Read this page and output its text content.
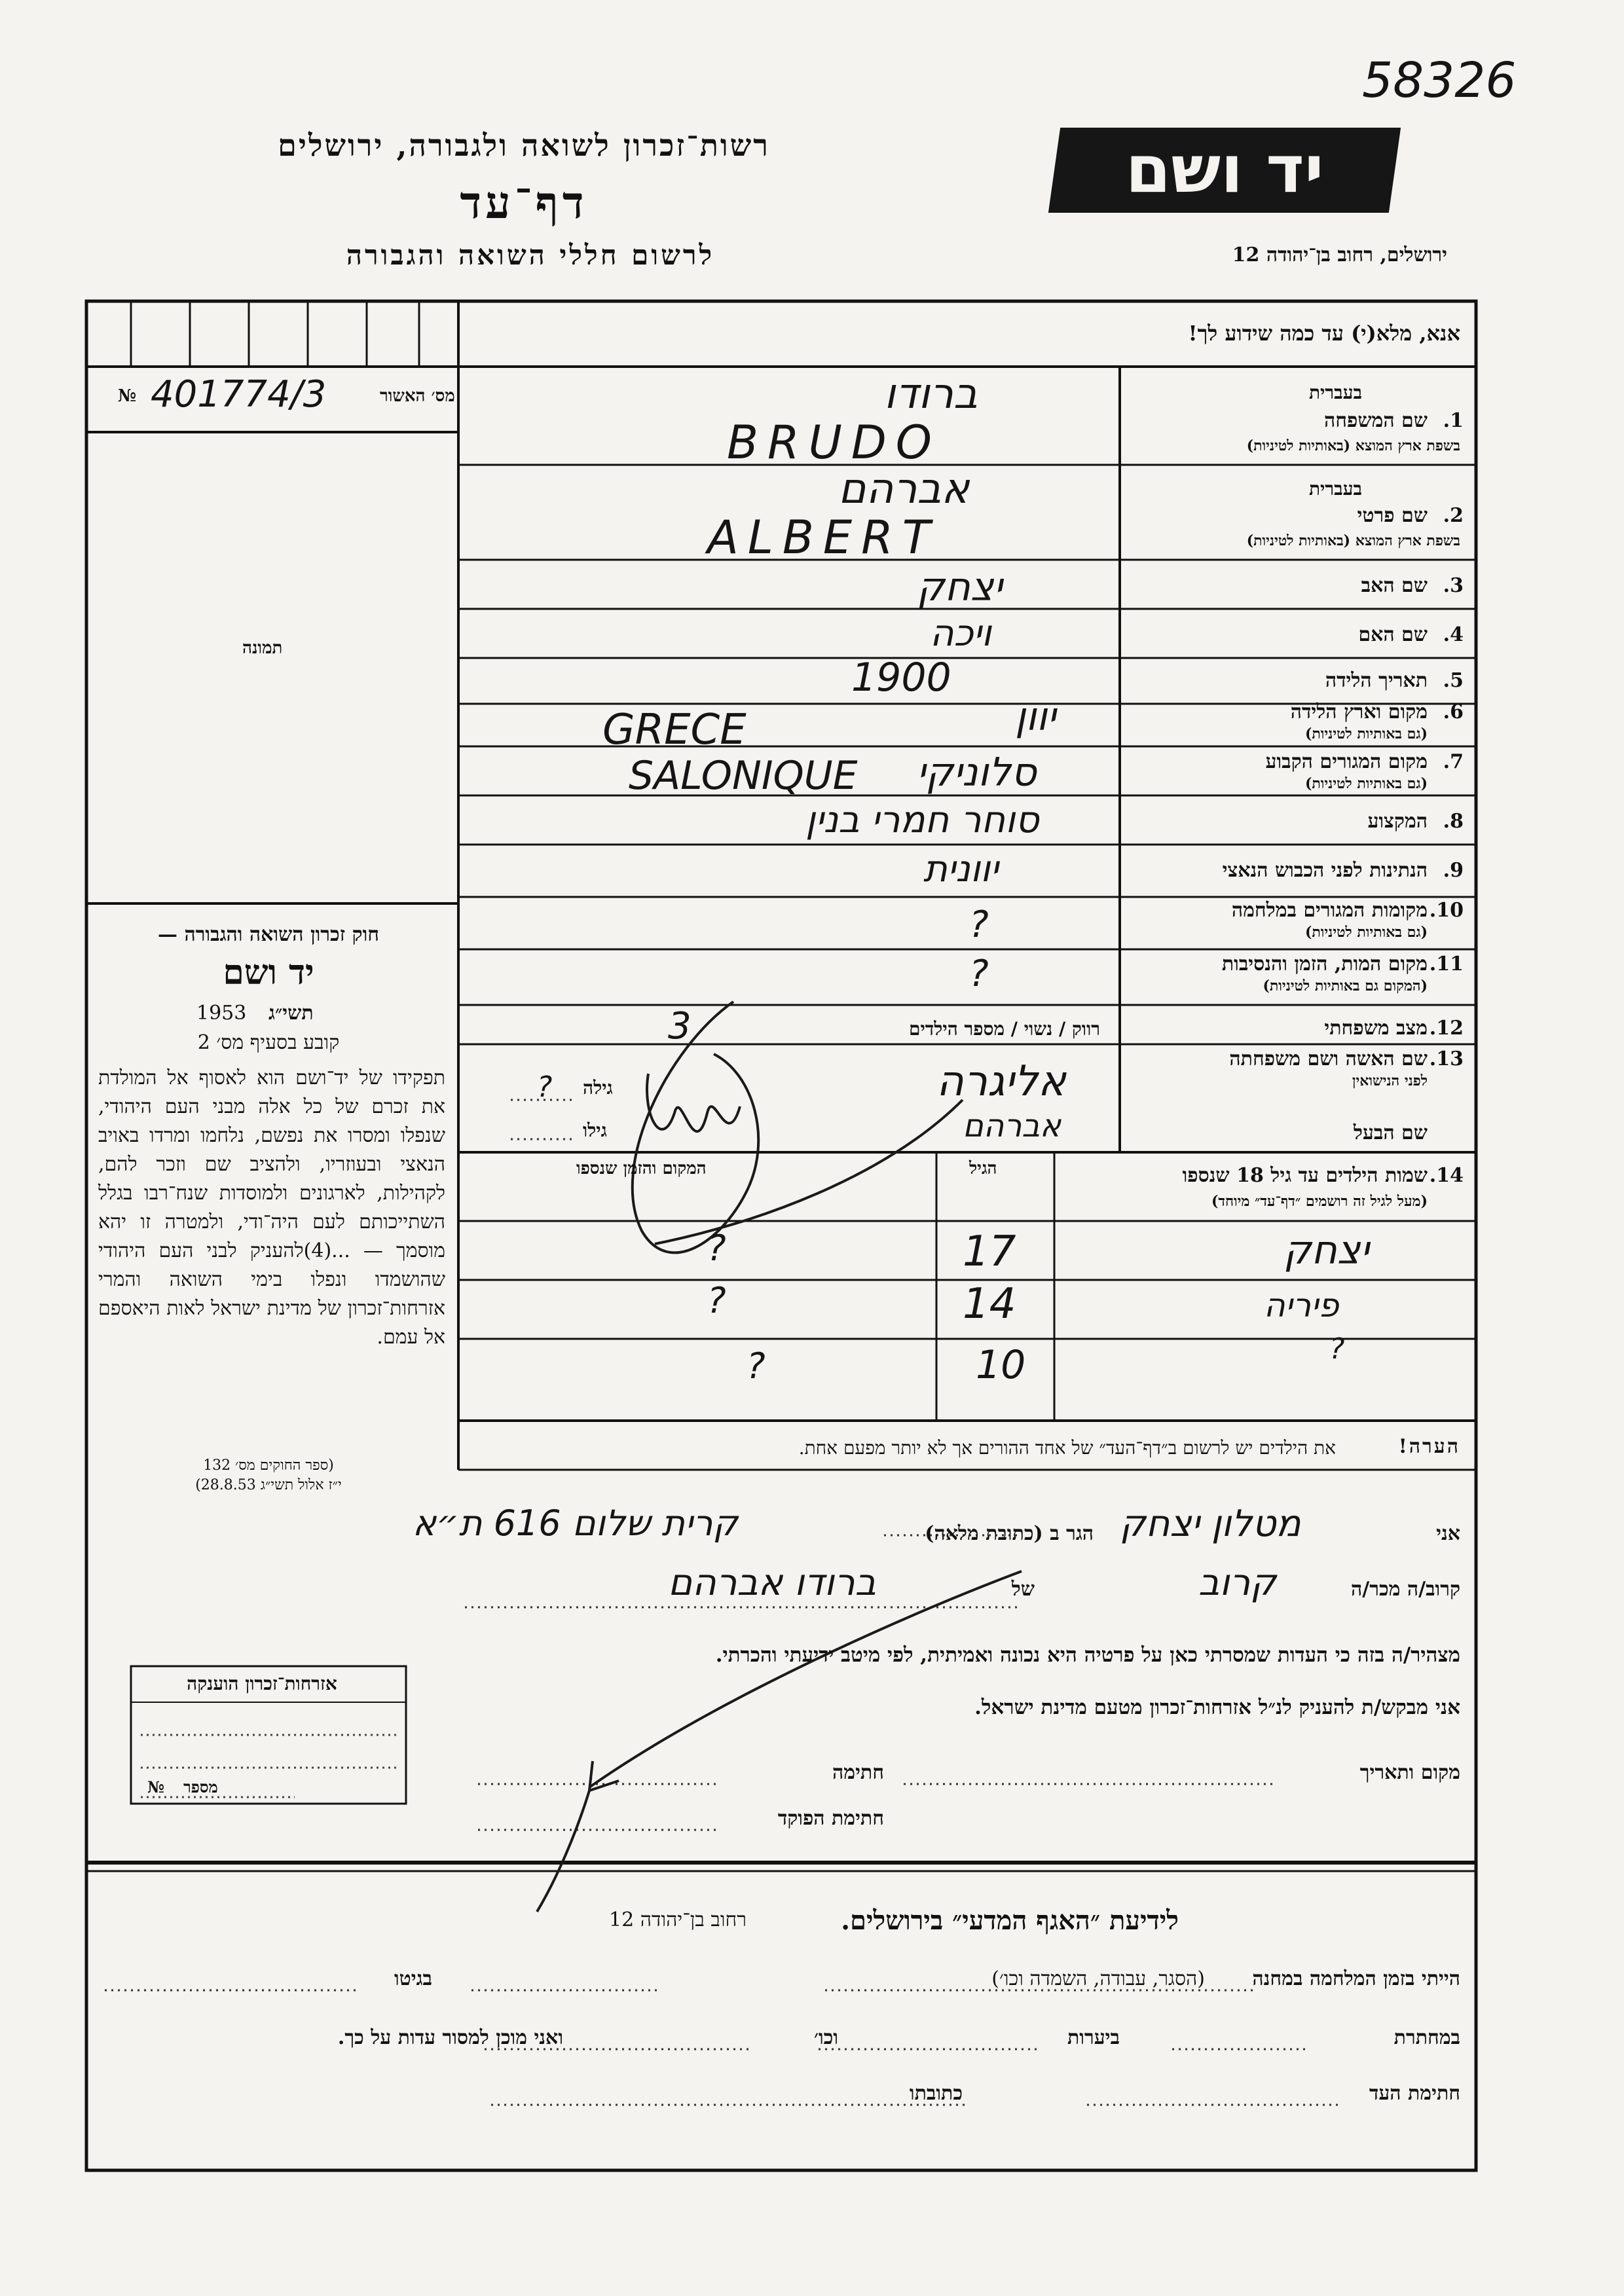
58326
רשות־זכרון לשואה ולגבורה, ירושלים
דף־עד
לרשום חללי השואה והגבורה
יד ושם
ירושלים, רחוב בן־יהודה 12
אנא, מלא(י) עד כמה שידוע לך!
מס׳ האשור
401774/3
№
תמונה
בעברית
שם המשפחה 1.
בשפת ארץ המוצא (באותיות לטיניות)
בעברית
שם פרטי 2.
בשפת ארץ המוצא (באותיות לטיניות)
שם האב 3.
שם האם 4.
תאריך הלידה 5.
מקום וארץ הלידה 6.
(גם באותיות לטיניות)
מקום המגורים הקבוע 7.
(גם באותיות לטיניות)
המקצוע 8.
הנתינות לפני הכבוש הנאצי 9.
מקומות המגורים במלחמה 10.
(גם באותיות לטיניות)
מקום המות, הזמן והנסיבות 11.
(המקום גם באותיות לטיניות)
מצב משפחתי 12.
שם האשה ושם משפחתה 13.
לפני הנישואין
שם הבעל
ברודו
BRUDO
אברהם
ALBERT
יצחק
ויכה
1900
יוון
GRECE
סלוניקי
SALONIQUE
סוחר חמרי בנין
יוונית
?
?
רווק / נשוי / מספר הילדים
3
גילה
?	אליגרה
גילו	אברהם
שמות הילדים עד גיל 18 שנספו 14.
(מעל לגיל זה רושמים ״דף־עד״ מיוחד)
הגיל
המקום והזמן שנספו
יצחק
17
?
פיריה
14
?
?
10
?
הערה!
את הילדים יש לרשום ב״דף־העד״ של אחד ההורים אך לא יותר מפעם אחת.
אני
מטלון יצחק
הגר ב (כתובת מלאה)
קרית שלום 616 ת״א
קרוב/ה מכר/ה
קרוב
של
ברודו אברהם
מצהיר/ה בזה כי העדות שמסרתי כאן על פרטיה היא נכונה ואמיתית, לפי מיטב ידיעתי והכרתי.
אני מבקש/ת להעניק לנ״ל אזרחות־זכרון מטעם מדינת ישראל.
מקום ותאריך
חתימה
חתימת הפוקד
אזרחות־זכרון הוענקה
מספר
№
חוק זכרון השואה והגבורה —
יד ושם
תשי״ג
1953
קובע בסעיף מס׳ 2
תפקידו של יד־ושם הוא לאסוף אל המולדת את זכרם של כל אלה מבני העם היהודי, שנפלו ומסרו את נפשם, נלחמו ומרדו באויב הנאצי ובעוזריו, ולהציב שם וזכר להם, לקהילות, לארגונים ולמוסדות שנח־רבו בגלל השתייכותם לעם היה־ודי, ולמטרה זו יהא מוסמך — ...(4)להעניק לבני העם היהודי שהושמדו ונפלו בימי השואה והמרי אזרחות־זכרון של מדינת ישראל לאות היאספם אל עמם.
(ספר החוקים מס׳ 132
י״ז אלול תשי״ג 28.8.53)
לידיעת ״האגף המדעי״ בירושלים.
רחוב בן־יהודה 12
הייתי בזמן המלחמה במחנה
(הסגר, עבודה, השמדה וכו׳)
בגיטו
במחתרת
ביערות
וכו׳
ואני מוכן למסור עדות על כך.
חתימת העד
כתובתו
